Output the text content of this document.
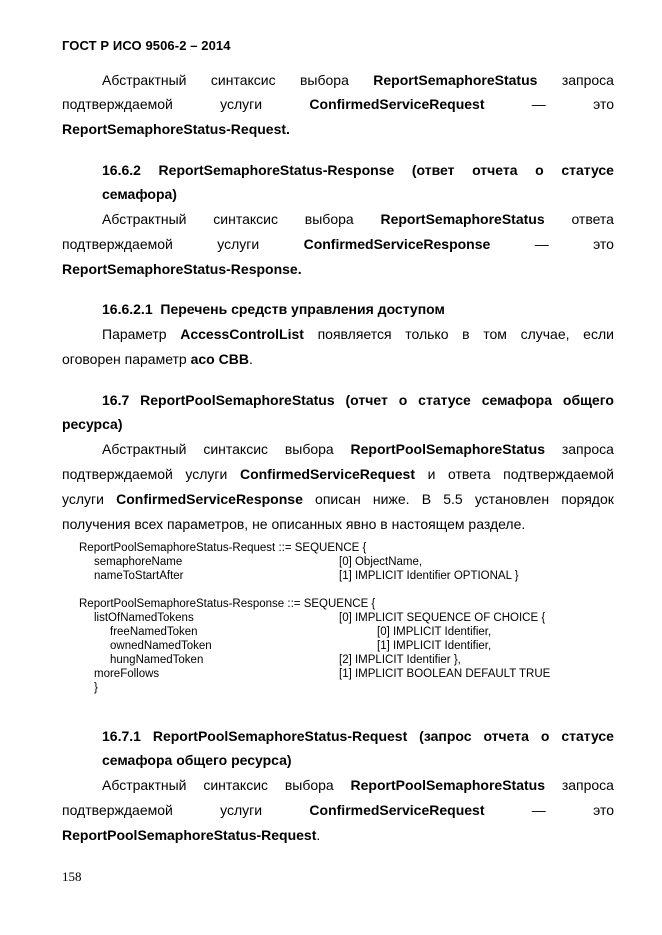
ГОСТ Р ИСО 9506-2 – 2014
Абстрактный синтаксис выбора ReportSemaphoreStatus запроса
подтверждаемой	услуги	ConfirmedServiceRequest	—	это
ReportSemaphoreStatus-Request.
16.6.2 ReportSemaphoreStatus-Response (ответ отчета о статусе
семафора)
Абстрактный синтаксис выбора ReportSemaphoreStatus ответа
подтверждаемой	услуги	ConfirmedServiceResponse	—	это
ReportSemaphoreStatus-Response.
16.6.2.1 Перечень средств управления доступом
Параметр AccessControlList появляется только в том случае, если
оговорен параметр aco CBB.
16.7 ReportPoolSemaphoreStatus (отчет о статусе семафора общего
ресурса)
Абстрактный синтаксис выбора ReportPoolSemaphoreStatus запроса
подтверждаемой услуги ConfirmedServiceRequest и ответа подтверждаемой
услуги ConfirmedServiceResponse описан ниже. В 5.5 установлен порядок
получения всех параметров, не описанных явно в настоящем разделе.
ReportPoolSemaphoreStatus-Request ::= SEQUENCE {
semaphoreName	[0] ObjectName,
nameToStartAfter	[1] IMPLICIT Identifier OPTIONAL }
ReportPoolSemaphoreStatus-Response ::= SEQUENCE {
listOfNamedTokens	[0] IMPLICIT SEQUENCE OF CHOICE {
freeNamedToken	[0] IMPLICIT Identifier,
ownedNamedToken	[1] IMPLICIT Identifier,
hungNamedToken	[2] IMPLICIT Identifier },
moreFollows	[1] IMPLICIT BOOLEAN DEFAULT TRUE
}
16.7.1 ReportPoolSemaphoreStatus-Request (запрос отчета о статусе
семафора общего ресурса)
Абстрактный синтаксис выбора ReportPoolSemaphoreStatus запроса
подтверждаемой	услуги	ConfirmedServiceRequest	—	это
ReportPoolSemaphoreStatus-Request.
158
